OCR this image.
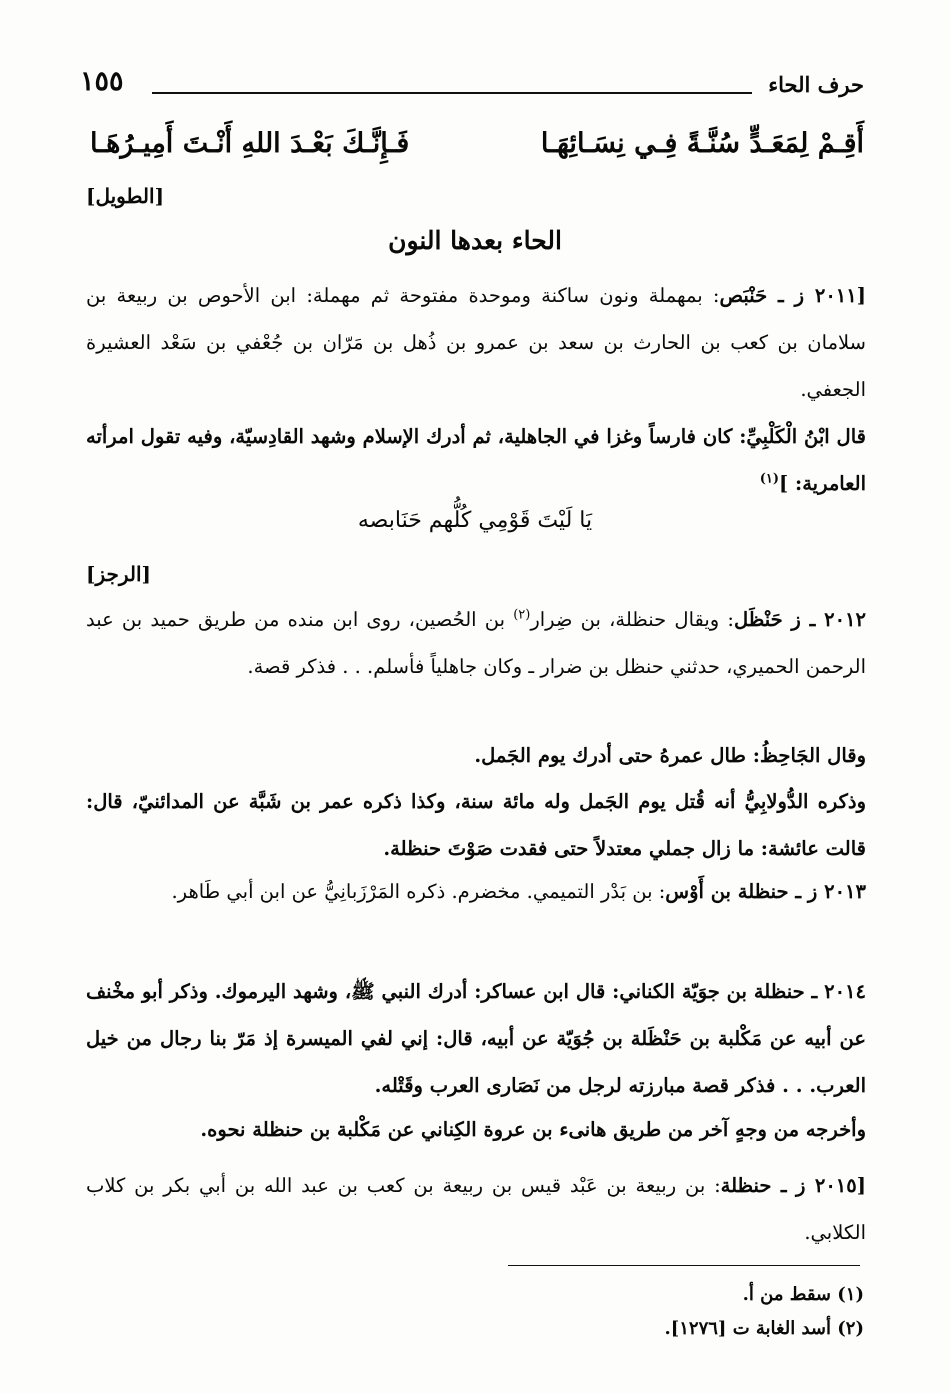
١٥٥	حرف الحاء
أَقِـمْ لِمَعَـدٍّ سُنَّـةً فِـي نِسَـائِهَـا
فَـإِنَّـكَ بَعْـدَ اللهِ أَنْـتَ أَمِيـرُهَـا
[الطويل]
الحاء بعدها النون
[٢٠١١ ز ـ حَنْبَص: بمهملة ونون ساكنة وموحدة مفتوحة ثم مهملة: ابن الأحوص بن ربيعة بن سلامان بن كعب بن الحارث بن سعد بن عمرو بن ذُهل بن مَرّان بن جُعْفي بن سَعْد العشيرة الجعفي.
قال ابْنُ الْكَلْبِيِّ: كان فارساً وغزا في الجاهلية، ثم أدرك الإسلام وشهد القادِسيّة، وفيه تقول امرأته العامرية: ]$^{(١)}$
يَا لَيْتَ قَوْمِي كُلُّهم حَنَابصه
[الرجز]
٢٠١٢ ـ ز حَنْظَل: ويقال حنظلة، بن ضِرار$^{(٢)}$ بن الحُصين، روى ابن منده من طريق حميد بن عبد الرحمن الحميري، حدثني حنظل بن ضرار ـ وكان جاهلياً فأسلم. . . فذكر قصة.
وقال الجَاحِظُ: طال عمرهُ حتى أدرك يوم الجَمل.
وذكره الدُّولابِيُّ أنه قُتل يوم الجَمل وله مائة سنة، وكذا ذكره عمر بن شَبَّة عن المدائنيّ، قال: قالت عائشة: ما زال جملي معتدلاً حتى فقدت صَوْتَ حنظلة.
٢٠١٣ ز ـ حنظلة بن أَوْس: بن بَدْر التميمي. مخضرم. ذكره المَرْزَبانِيُّ عن ابن أبي طَاهر.
٢٠١٤ ـ حنظلة بن جوَيّة الكناني: قال ابن عساكر: أدرك النبي ﷺ، وشهد اليرموك. وذكر أبو مخْنف عن أبيه عن مَكْلبة بن حَنْظَلة بن جُوَيّة عن أبيه، قال: إني لفي الميسرة إذ مَرّ بنا رجال من خيل العرب. . . فذكر قصة مبارزته لرجل من نَصَارى العرب وقَتْله.
وأخرجه من وجهٍ آخر من طريق هانىء بن عروة الكِناني عن مَكْلبة بن حنظلة نحوه.
[٢٠١٥ ز ـ حنظلة: بن ربيعة بن عَبْد قيس بن ربيعة بن كعب بن عبد الله بن أبي بكر بن كلاب الكلابي.
(١) سقط من أ.
(٢) أسد الغابة ت [١٢٧٦].
